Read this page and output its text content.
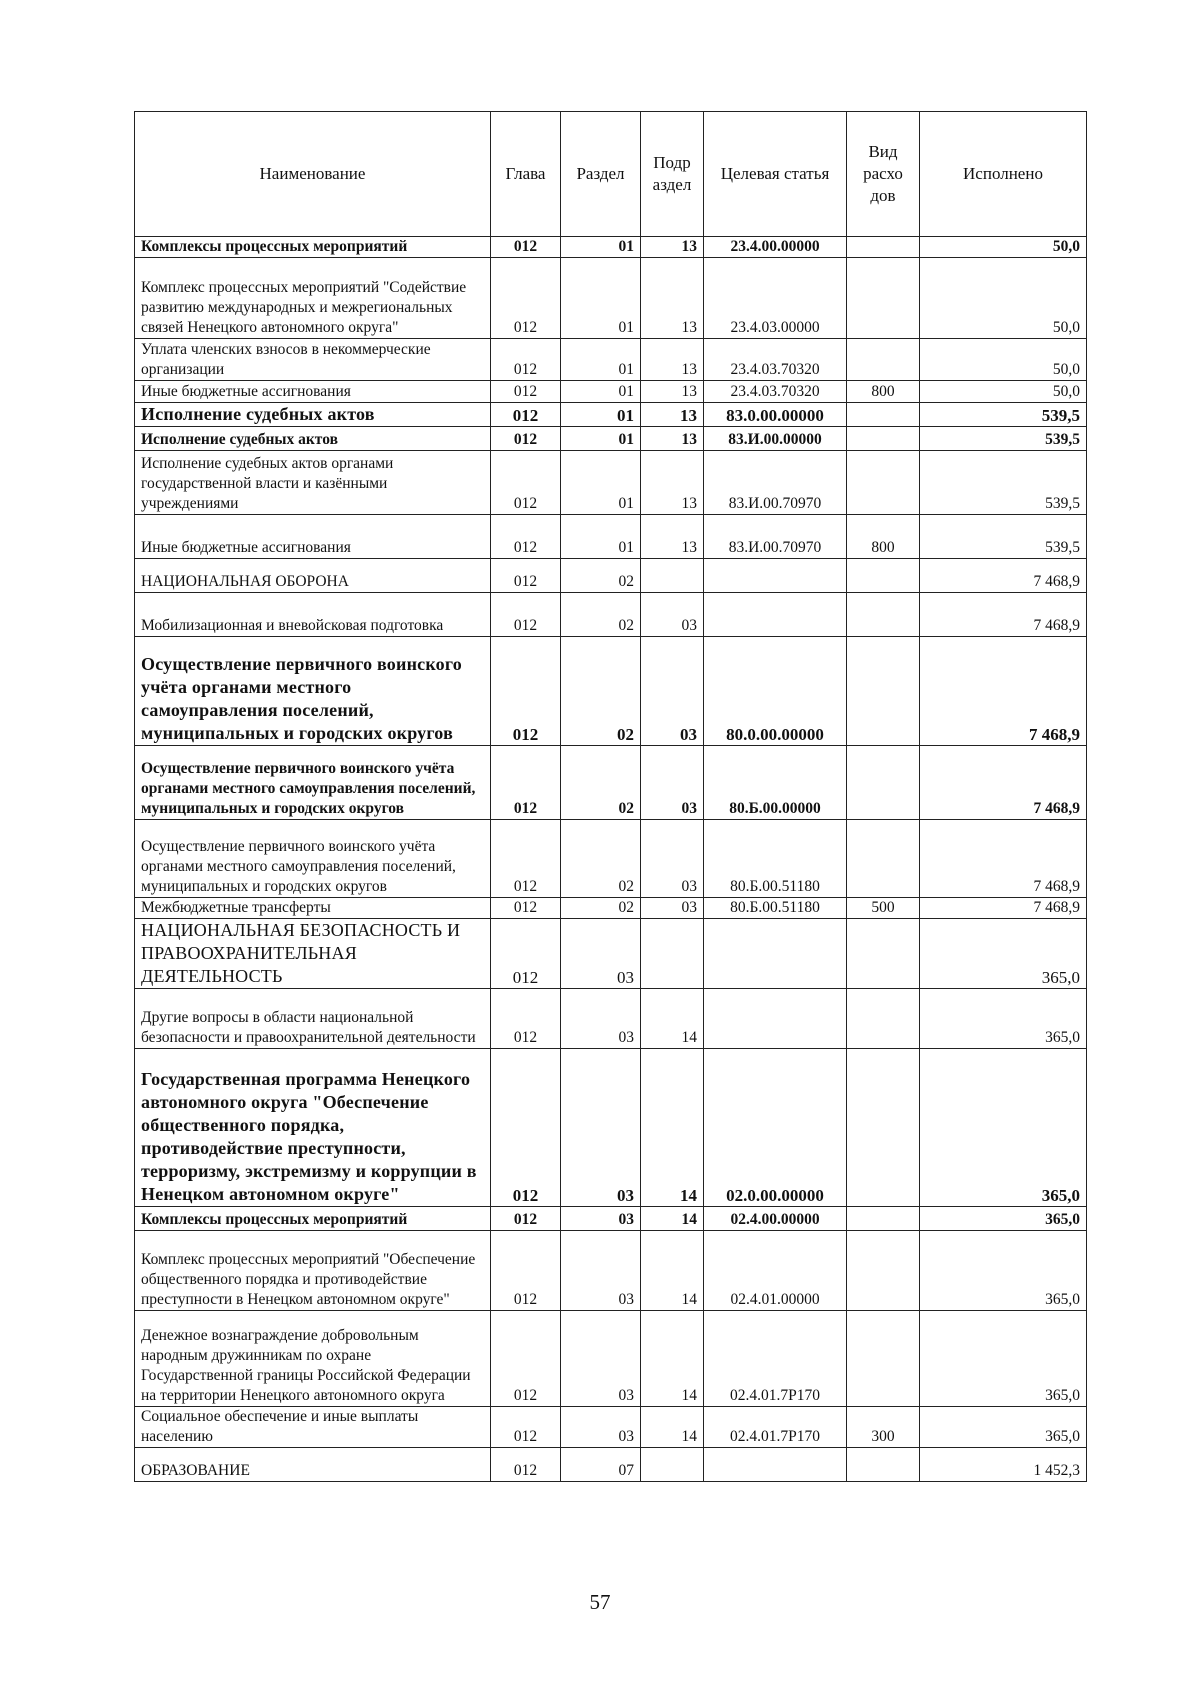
Наименование	Глава	Раздел	Подр аздел	Целевая статья	Вид расхо дов	Исполнено
Комплексы процессных мероприятий	012	01	13	23.4.00.00000		50,0
Комплекс процессных мероприятий "Содействие развитию международных и межрегиональных связей Ненецкого автономного округа"	012	01	13	23.4.03.00000		50,0
Уплата членских взносов в некоммерческие организации	012	01	13	23.4.03.70320		50,0
Иные бюджетные ассигнования	012	01	13	23.4.03.70320	800	50,0
Исполнение судебных актов	012	01	13	83.0.00.00000		539,5
Исполнение судебных актов	012	01	13	83.И.00.00000		539,5
Исполнение судебных актов органами государственной власти и казёнными учреждениями	012	01	13	83.И.00.70970		539,5
Иные бюджетные ассигнования	012	01	13	83.И.00.70970	800	539,5
НАЦИОНАЛЬНАЯ ОБОРОНА	012	02				7 468,9
Мобилизационная и вневойсковая подготовка	012	02	03			7 468,9
Осуществление первичного воинского учёта органами местного самоуправления поселений, муниципальных и городских округов	012	02	03	80.0.00.00000		7 468,9
Осуществление первичного воинского учёта органами местного самоуправления поселений, муниципальных и городских округов	012	02	03	80.Б.00.00000		7 468,9
Осуществление первичного воинского учёта органами местного самоуправления поселений, муниципальных и городских округов	012	02	03	80.Б.00.51180		7 468,9
Межбюджетные трансферты	012	02	03	80.Б.00.51180	500	7 468,9
НАЦИОНАЛЬНАЯ БЕЗОПАСНОСТЬ И ПРАВООХРАНИТЕЛЬНАЯ ДЕЯТЕЛЬНОСТЬ	012	03				365,0
Другие вопросы в области национальной безопасности и правоохранительной деятельности	012	03	14			365,0
Государственная программа Ненецкого автономного округа "Обеспечение общественного порядка, противодействие преступности, терроризму, экстремизму и коррупции в Ненецком автономном округе"	012	03	14	02.0.00.00000		365,0
Комплексы процессных мероприятий	012	03	14	02.4.00.00000		365,0
Комплекс процессных мероприятий "Обеспечение общественного порядка и противодействие преступности в Ненецком автономном округе"	012	03	14	02.4.01.00000		365,0
Денежное вознаграждение добровольным народным дружинникам по охране Государственной границы Российской Федерации на территории Ненецкого автономного округа	012	03	14	02.4.01.7Р170		365,0
Социальное обеспечение и иные выплаты населению	012	03	14	02.4.01.7Р170	300	365,0
ОБРАЗОВАНИЕ	012	07				1 452,3
57
